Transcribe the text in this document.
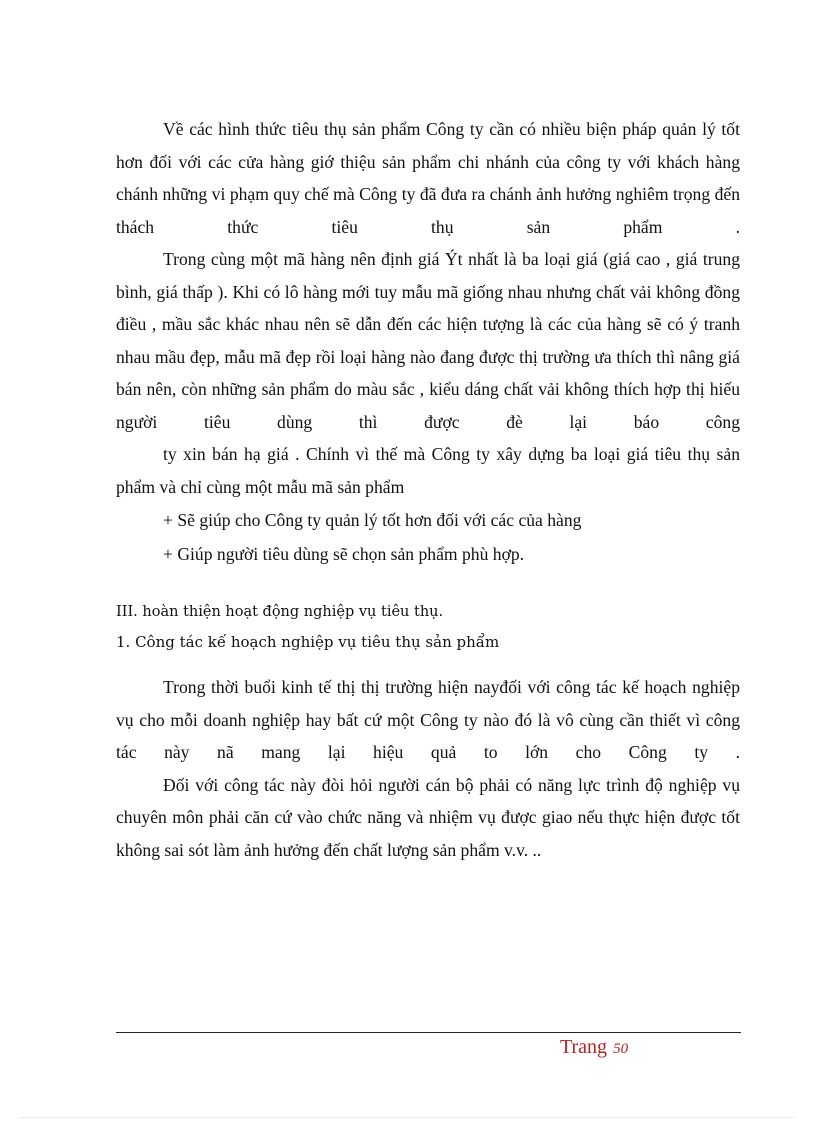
Về các hình thức tiêu thụ sản phẩm Công ty cần có nhiều biện pháp quản lý tốt hơn đối với các cửa hàng giớ thiệu sản phẩm chi nhánh của công ty với khách hàng chánh những vi phạm quy chế mà Công ty đã đưa ra chánh ảnh hưởng nghiêm trọng đến thách thức tiêu thụ sản phẩm .

Trong cùng một mã hàng nên định giá Ýt nhất là ba loại giá (giá cao , giá trung bình, giá thấp ). Khi có lô hàng mới tuy mẫu mã giống nhau nhưng chất vải không đồng điều , mầu sắc khác nhau nên sẽ dẫn đến các hiện tượng là các của hàng sẽ có ý tranh nhau mầu đẹp, mẫu mã đẹp rồi loại hàng nào đang được thị trường ưa thích thì nâng giá bán nên, còn những sản phẩm do màu sắc , kiểu dáng chất vải không thích hợp thị hiếu người tiêu dùng thì được đè lại báo công

ty xin bán hạ giá . Chính vì thế mà Công ty xây dựng ba loại giá tiêu thụ sản phẩm và chỉ cùng một mẫu mã sản phẩm

+ Sẽ giúp cho Công ty quản lý tốt hơn đối với các của hàng

+ Giúp người tiêu dùng sẽ chọn sản phẩm phù hợp.

III. hoàn thiện hoạt động nghiệp vụ tiêu thụ.

1. Công tác kế hoạch nghiệp vụ tiêu thụ sản phẩm

Trong thời buổi kinh tế thị thị trường hiện nayđối với công tác kế hoạch nghiệp vụ cho mỗi doanh nghiệp hay bất cứ một Công ty nào đó là vô cùng cần thiết vì công tác này nã mang lại hiệu quả to lớn cho Công ty .

Đối với công tác này đòi hỏi người cán bộ phải có năng lực trình độ nghiệp vụ chuyên môn phải căn cứ vào chức năng và nhiệm vụ được giao nếu thực hiện được tốt không sai sót làm ảnh hưởng đến chất lượng sản phẩm v.v. ..

Trang 50
